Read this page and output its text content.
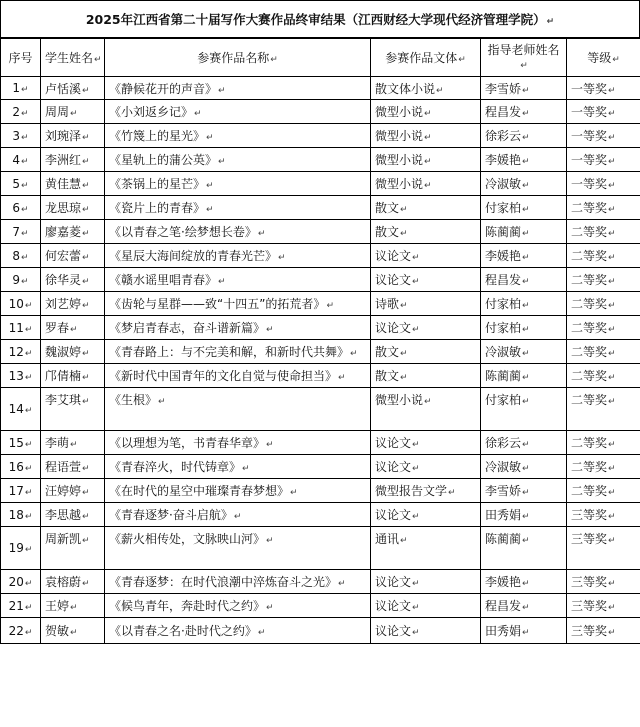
2025年江西省第二十届写作大赛作品终审结果（江西财经大学现代经济管理学院） ↵
序号	学生姓名 ↵	参赛作品名称 ↵	参赛作品文体 ↵	指导老师姓名 ↵	等级 ↵
1 ↵	卢恬溪 ↵	《静候花开的声音》 ↵	散文体小说 ↵	李雪娇 ↵	一等奖 ↵
2 ↵	周周 ↵	《小刘返乡记》 ↵	微型小说 ↵	程昌发 ↵	一等奖 ↵
3 ↵	刘琬泽 ↵	《竹篾上的星光》 ↵	微型小说 ↵	徐彩云 ↵	一等奖 ↵
4 ↵	李洲红 ↵	《星轨上的蒲公英》 ↵	微型小说 ↵	李媛艳 ↵	一等奖 ↵
5 ↵	黄佳慧 ↵	《茶锅上的星芒》 ↵	微型小说 ↵	冷淑敏 ↵	一等奖 ↵
6 ↵	龙思琼 ↵	《瓷片上的青春》 ↵	散文 ↵	付家柏 ↵	二等奖 ↵
7 ↵	廖嘉菱 ↵	《以青春之笔·绘梦想长卷》 ↵	散文 ↵	陈蔺蔺 ↵	二等奖 ↵
8 ↵	何宏蕾 ↵	《星辰大海间绽放的青春光芒》 ↵	议论文 ↵	李媛艳 ↵	二等奖 ↵
9 ↵	徐华灵 ↵	《赣水谣里唱青春》 ↵	议论文 ↵	程昌发 ↵	二等奖 ↵
10 ↵	刘艺婷 ↵	《齿轮与星群——致“十四五”的拓荒者》 ↵	诗歌 ↵	付家柏 ↵	二等奖 ↵
11 ↵	罗春 ↵	《梦启青春志，奋斗谱新篇》 ↵	议论文 ↵	付家柏 ↵	二等奖 ↵
12 ↵	魏淑婷 ↵	《青春路上：与不完美和解，和新时代共舞》 ↵	散文 ↵	冷淑敏 ↵	二等奖 ↵
13 ↵	邝倩楠 ↵	《新时代中国青年的文化自觉与使命担当》 ↵	散文 ↵	陈蔺蔺 ↵	二等奖 ↵
14 ↵	李艾琪 ↵	《生根》 ↵	微型小说 ↵	付家柏 ↵	二等奖 ↵
15 ↵	李萌 ↵	《以理想为笔，书青春华章》 ↵	议论文 ↵	徐彩云 ↵	二等奖 ↵
16 ↵	程语萱 ↵	《青春淬火，时代铸章》 ↵	议论文 ↵	冷淑敏 ↵	二等奖 ↵
17 ↵	汪婷婷 ↵	《在时代的星空中璀璨青春梦想》 ↵	微型报告文学 ↵	李雪娇 ↵	二等奖 ↵
18 ↵	李思越 ↵	《青春逐梦·奋斗启航》 ↵	议论文 ↵	田秀娟 ↵	三等奖 ↵
19 ↵	周新凯 ↵	《薪火相传处，文脉映山河》 ↵	通讯 ↵	陈蔺蔺 ↵	三等奖 ↵
20 ↵	袁榕蔚 ↵	《青春逐梦：在时代浪潮中淬炼奋斗之光》 ↵	议论文 ↵	李媛艳 ↵	三等奖 ↵
21 ↵	王婷 ↵	《候鸟青年，奔赴时代之约》 ↵	议论文 ↵	程昌发 ↵	三等奖 ↵
22 ↵	贺敏 ↵	《以青春之名·赴时代之约》 ↵	议论文 ↵	田秀娟 ↵	三等奖 ↵
